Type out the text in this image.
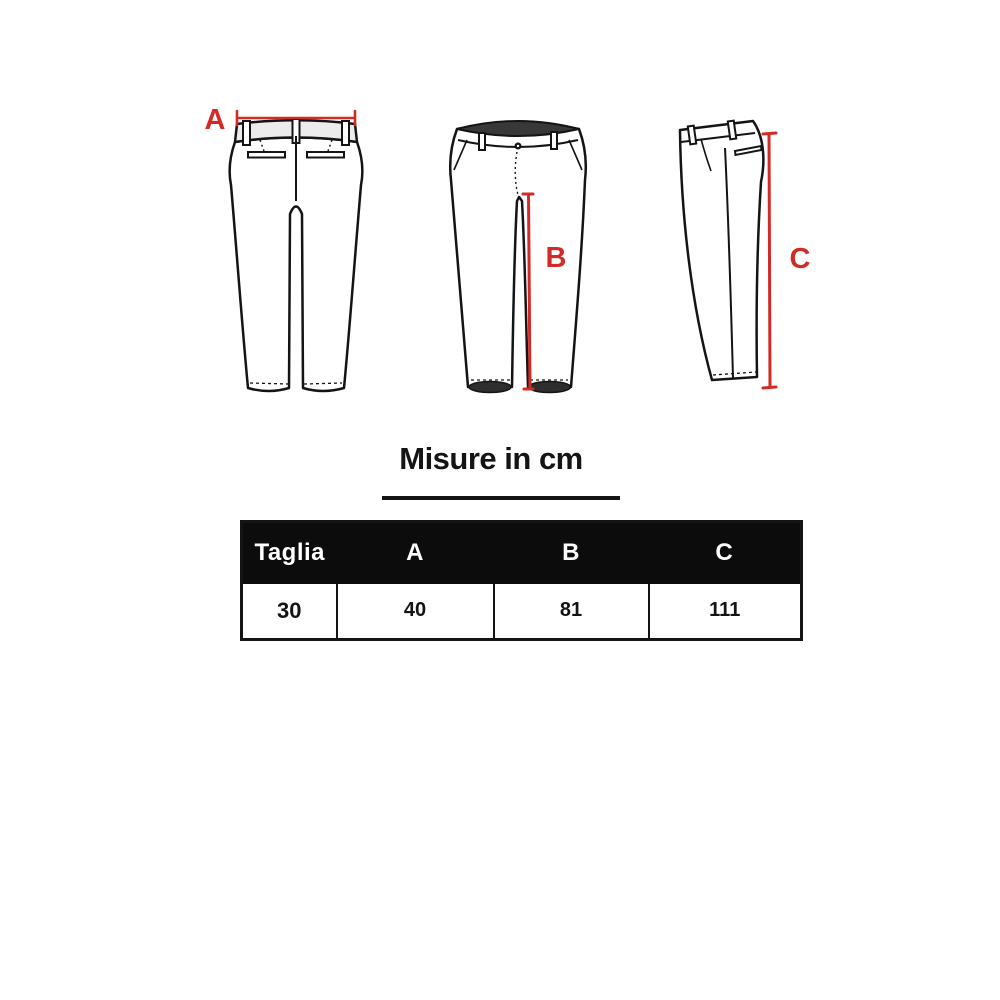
A
B	C
Misure in cm
Taglia	A	B	C
30	40	81	111
